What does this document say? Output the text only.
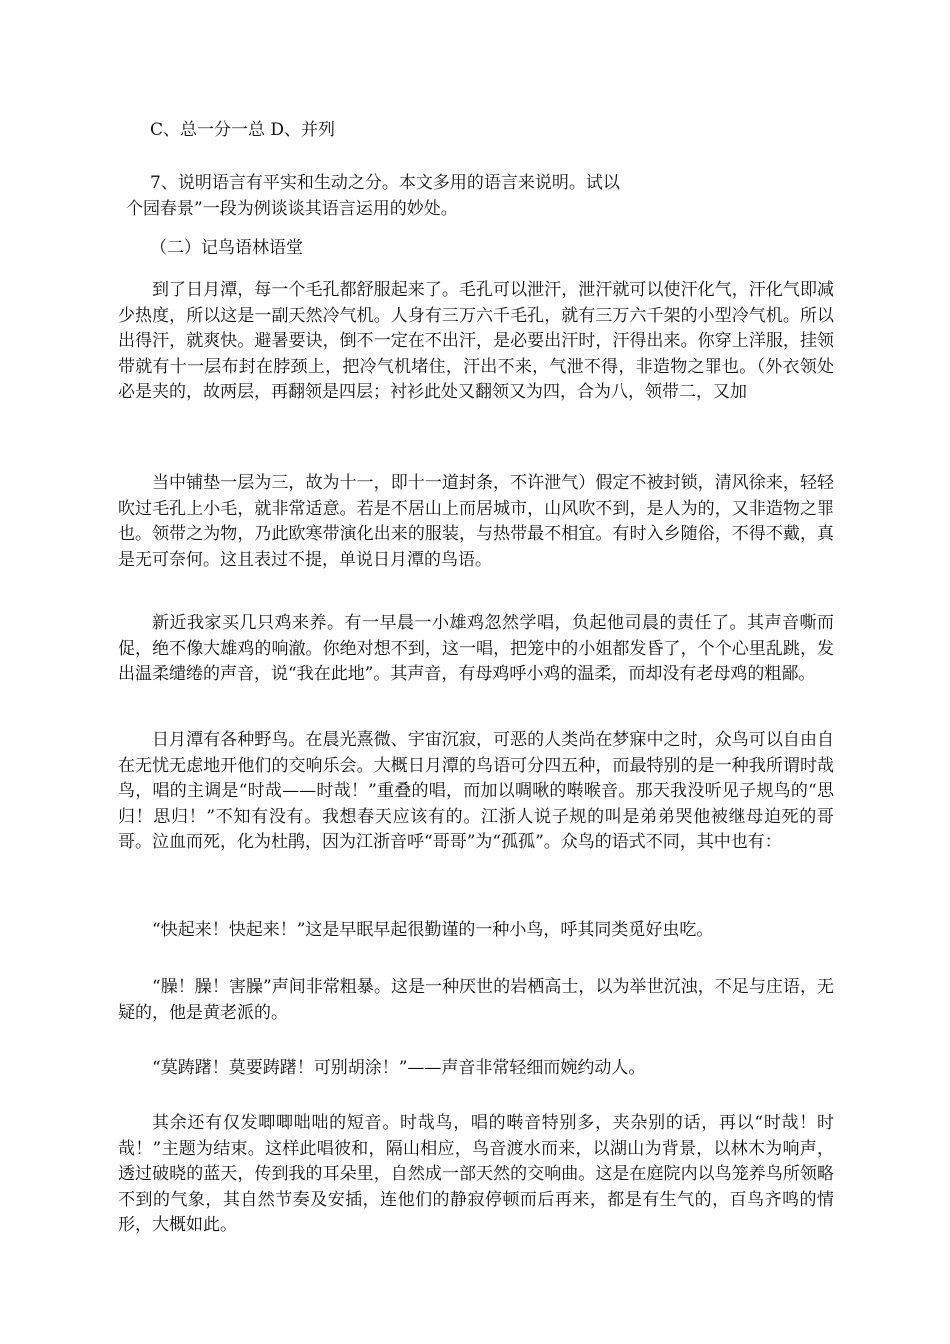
C、总一分一总 D、并列
7、说明语言有平实和生动之分。本文多用的语言来说明。试以
个园春景”一段为例谈谈其语言运用的妙处。
（二）记鸟语林语堂

到了日月潭，每一个毛孔都舒服起来了。毛孔可以泄汗，泄汗就可以使汗化气，汗化气即减少热度，所以这是一副天然冷气机。人身有三万六千毛孔，就有三万六千架的小型冷气机。所以出得汗，就爽快。避暑要诀，倒不一定在不出汗，是必要出汗时，汗得出来。你穿上洋服，挂领带就有十一层布封在脖颈上，把冷气机堵住，汗出不来，气泄不得，非造物之罪也。（外衣领处必是夹的，故两层，再翻领是四层；衬衫此处又翻领又为四，合为八，领带二，又加

当中铺垫一层为三，故为十一，即十一道封条，不许泄气）假定不被封锁，清风徐来，轻轻吹过毛孔上小毛，就非常适意。若是不居山上而居城市，山风吹不到，是人为的，又非造物之罪也。领带之为物，乃此欧寒带演化出来的服装，与热带最不相宜。有时入乡随俗，不得不戴，真是无可奈何。这且表过不提，单说日月潭的鸟语。

新近我家买几只鸡来养。有一早晨一小雄鸡忽然学唱，负起他司晨的责任了。其声音嘶而促，绝不像大雄鸡的响澈。你绝对想不到，这一唱，把笼中的小姐都发昏了，个个心里乱跳，发出温柔缱绻的声音，说“我在此地”。其声音，有母鸡呼小鸡的温柔，而却没有老母鸡的粗鄙。

日月潭有各种野鸟。在晨光熹微、宇宙沉寂，可恶的人类尚在梦寐中之时，众鸟可以自由自在无忧无虑地开他们的交响乐会。大概日月潭的鸟语可分四五种，而最特别的是一种我所谓时哉鸟，唱的主调是“时哉——时哉！”重叠的唱，而加以啁啾的啭喉音。那天我没听见子规鸟的“思归！思归！”不知有没有。我想春天应该有的。江浙人说子规的叫是弟弟哭他被继母迫死的哥哥。泣血而死，化为杜鹃，因为江浙音呼“哥哥”为“孤孤”。众鸟的语式不同，其中也有：

“快起来！快起来！”这是早眠早起很勤谨的一种小鸟，呼其同类觅好虫吃。

“臊！臊！害臊”声间非常粗暴。这是一种厌世的岩栖高士，以为举世沉浊，不足与庄语，无疑的，他是黄老派的。

“莫踌躇！莫要踌躇！可别胡涂！”——声音非常轻细而婉约动人。

其余还有仅发唧唧咄咄的短音。时哉鸟，唱的啭音特别多，夹杂别的话，再以“时哉！时哉！”主题为结束。这样此唱彼和，隔山相应，鸟音渡水而来，以湖山为背景，以林木为响声，透过破晓的蓝天，传到我的耳朵里，自然成一部天然的交响曲。这是在庭院内以鸟笼养鸟所领略不到的气象，其自然节奏及安插，连他们的静寂停顿而后再来，都是有生气的，百鸟齐鸣的情形，大概如此。
